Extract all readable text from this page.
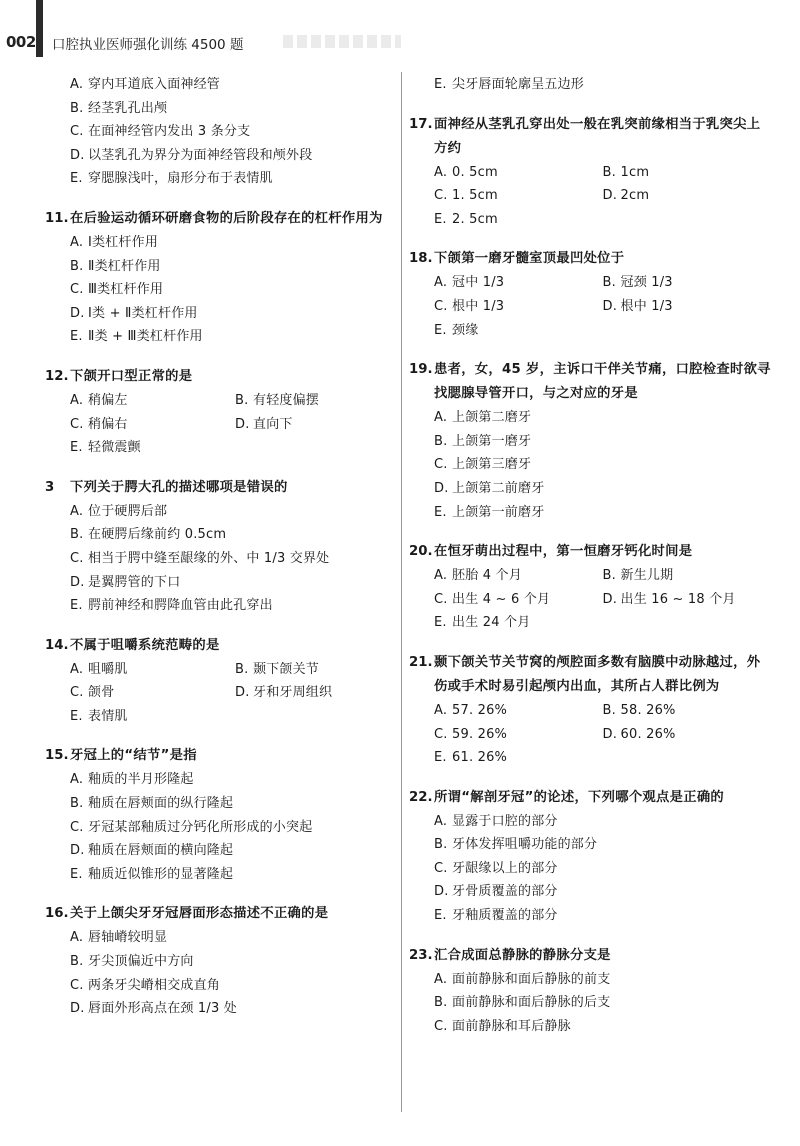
002 口腔执业医师强化训练 4500 题
A. 穿内耳道底入面神经管
B. 经茎乳孔出颅
C. 在面神经管内发出 3 条分支
D. 以茎乳孔为界分为面神经管段和颅外段
E. 穿腮腺浅叶，扇形分布于表情肌
11. 在后验运动循环研磨食物的后阶段存在的杠杆作用为
A. Ⅰ类杠杆作用
B. Ⅱ类杠杆作用
C. Ⅲ类杠杆作用
D. Ⅰ类 + Ⅱ类杠杆作用
E. Ⅱ类 + Ⅲ类杠杆作用
12. 下颌开口型正常的是
A. 稍偏左	B. 有轻度偏摆
C. 稍偏右	D. 直向下
E. 轻微震颤
3	下列关于腭大孔的描述哪项是错误的
A. 位于硬腭后部
B. 在硬腭后缘前约 0.5cm
C. 相当于腭中缝至龈缘的外、中 1/3 交界处
D. 是翼腭管的下口
E. 腭前神经和腭降血管由此孔穿出
14. 不属于咀嚼系统范畴的是
A. 咀嚼肌	B. 颞下颌关节
C. 颌骨	D. 牙和牙周组织
E. 表情肌
15. 牙冠上的“结节”是指
A. 釉质的半月形隆起
B. 釉质在唇颊面的纵行隆起
C. 牙冠某部釉质过分钙化所形成的小突起
D. 釉质在唇颊面的横向隆起
E. 釉质近似锥形的显著隆起
16. 关于上颌尖牙牙冠唇面形态描述不正确的是
A. 唇轴嵴较明显
B. 牙尖顶偏近中方向
C. 两条牙尖嵴相交成直角
D. 唇面外形高点在颈 1/3 处
E. 尖牙唇面轮廓呈五边形
17. 面神经从茎乳孔穿出处一般在乳突前缘相当于乳突尖上方约
A. 0. 5cm	B. 1cm
C. 1. 5cm	D. 2cm
E. 2. 5cm
18. 下颌第一磨牙髓室顶最凹处位于
A. 冠中 1/3	B. 冠颈 1/3
C. 根中 1/3	D. 根中 1/3
E. 颈缘
19. 患者，女，45 岁，主诉口干伴关节痛，口腔检查时欲寻找腮腺导管开口，与之对应的牙是
A. 上颌第二磨牙
B. 上颌第一磨牙
C. 上颌第三磨牙
D. 上颌第二前磨牙
E. 上颌第一前磨牙
20. 在恒牙萌出过程中，第一恒磨牙钙化时间是
A. 胚胎 4 个月	B. 新生儿期
C. 出生 4 ~ 6 个月	D. 出生 16 ~ 18 个月
E. 出生 24 个月
21. 颞下颌关节关节窝的颅腔面多数有脑膜中动脉越过，外伤或手术时易引起颅内出血，其所占人群比例为
A. 57. 26%	B. 58. 26%
C. 59. 26%	D. 60. 26%
E. 61. 26%
22. 所谓“解剖牙冠”的论述，下列哪个观点是正确的
A. 显露于口腔的部分
B. 牙体发挥咀嚼功能的部分
C. 牙龈缘以上的部分
D. 牙骨质覆盖的部分
E. 牙釉质覆盖的部分
23. 汇合成面总静脉的静脉分支是
A. 面前静脉和面后静脉的前支
B. 面前静脉和面后静脉的后支
C. 面前静脉和耳后静脉
